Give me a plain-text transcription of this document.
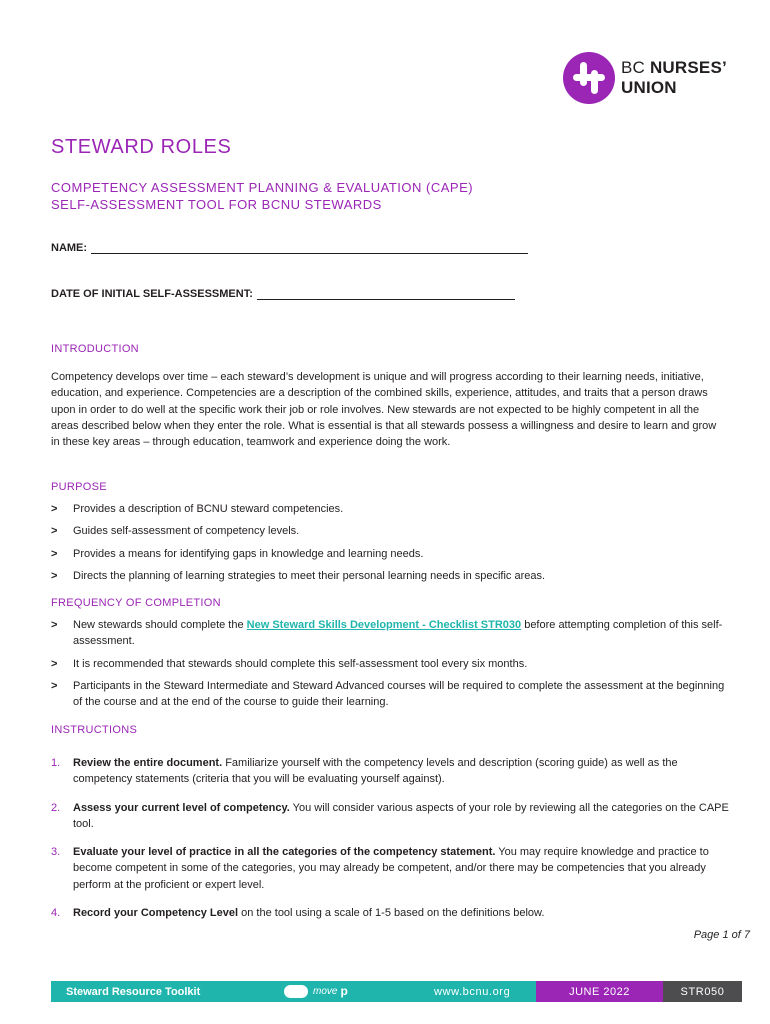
BC NURSES’
UNION
STEWARD ROLES
COMPETENCY ASSESSMENT PLANNING & EVALUATION (CAPE)
SELF-ASSESSMENT TOOL FOR BCNU STEWARDS
NAME:
DATE OF INITIAL SELF-ASSESSMENT:
INTRODUCTION

Competency develops over time – each steward’s development is unique and will progress according to their learning needs, initiative, education, and experience. Competencies are a description of the combined skills, experience, attitudes, and traits that a person draws upon in order to do well at the specific work their job or role involves. New stewards are not expected to be highly competent in all the areas described below when they enter the role. What is essential is that all stewards possess a willingness and desire to learn and grow in these key areas – through education, teamwork and experience doing the work.

PURPOSE
> Provides a description of BCNU steward competencies.
> Guides self-assessment of competency levels.
> Provides a means for identifying gaps in knowledge and learning needs.
> Directs the planning of learning strategies to meet their personal learning needs in specific areas.
FREQUENCY OF COMPLETION
> New stewards should complete the New Steward Skills Development - Checklist STR030 before attempting completion of this self-assessment.
> It is recommended that stewards should complete this self-assessment tool every six months.
> Participants in the Steward Intermediate and Steward Advanced courses will be required to complete the assessment at the beginning of the course and at the end of the course to guide their learning.
INSTRUCTIONS
1. Review the entire document. Familiarize yourself with the competency levels and description (scoring guide) as well as the competency statements (criteria that you will be evaluating yourself against).
2. Assess your current level of competency. You will consider various aspects of your role by reviewing all the categories on the CAPE tool.
3. Evaluate your level of practice in all the categories of the competency statement. You may require knowledge and practice to become competent in some of the categories, you may already be competent, and/or there may be competencies that you already perform at the proficient or expert level.
4. Record your Competency Level on the tool using a scale of 1-5 based on the definitions below.
Page 1 of 7
Steward Resource Toolkit	move p	www.bcnu.org	JUNE 2022	STR050
